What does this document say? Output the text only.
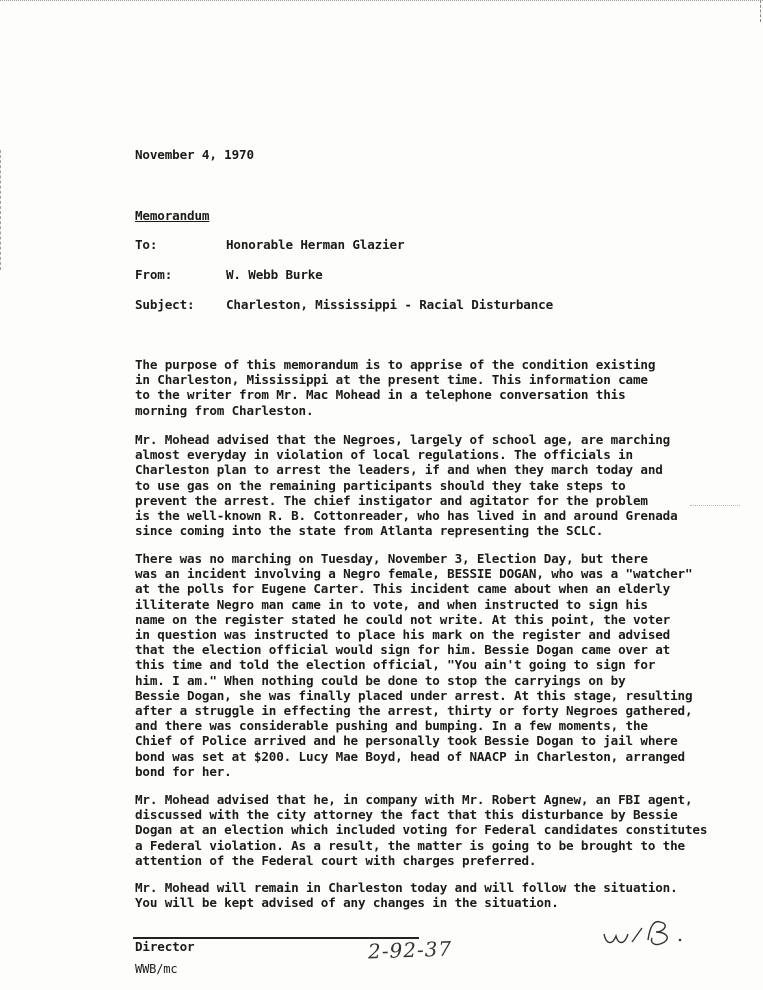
November 4, 1970
Memorandum
To:	Honorable Herman Glazier
From:	W. Webb Burke
Subject:	Charleston, Mississippi - Racial Disturbance
The purpose of this memorandum is to apprise of the condition existing
in Charleston, Mississippi at the present time. This information came
to the writer from Mr. Mac Mohead in a telephone conversation this
morning from Charleston.
Mr. Mohead advised that the Negroes, largely of school age, are marching
almost everyday in violation of local regulations. The officials in
Charleston plan to arrest the leaders, if and when they march today and
to use gas on the remaining participants should they take steps to
prevent the arrest. The chief instigator and agitator for the problem
is the well-known R. B. Cottonreader, who has lived in and around Grenada
since coming into the state from Atlanta representing the SCLC.
There was no marching on Tuesday, November 3, Election Day, but there
was an incident involving a Negro female, BESSIE DOGAN, who was a "watcher"
at the polls for Eugene Carter. This incident came about when an elderly
illiterate Negro man came in to vote, and when instructed to sign his
name on the register stated he could not write. At this point, the voter
in question was instructed to place his mark on the register and advised
that the election official would sign for him. Bessie Dogan came over at
this time and told the election official, "You ain't going to sign for
him. I am." When nothing could be done to stop the carryings on by
Bessie Dogan, she was finally placed under arrest. At this stage, resulting
after a struggle in effecting the arrest, thirty or forty Negroes gathered,
and there was considerable pushing and bumping. In a few moments, the
Chief of Police arrived and he personally took Bessie Dogan to jail where
bond was set at $200. Lucy Mae Boyd, head of NAACP in Charleston, arranged
bond for her.
Mr. Mohead advised that he, in company with Mr. Robert Agnew, an FBI agent,
discussed with the city attorney the fact that this disturbance by Bessie
Dogan at an election which included voting for Federal candidates constitutes
a Federal violation. As a result, the matter is going to be brought to the
attention of the Federal court with charges preferred.
Mr. Mohead will remain in Charleston today and will follow the situation.
You will be kept advised of any changes in the situation.
Director
WWB/mc
2-92-37
